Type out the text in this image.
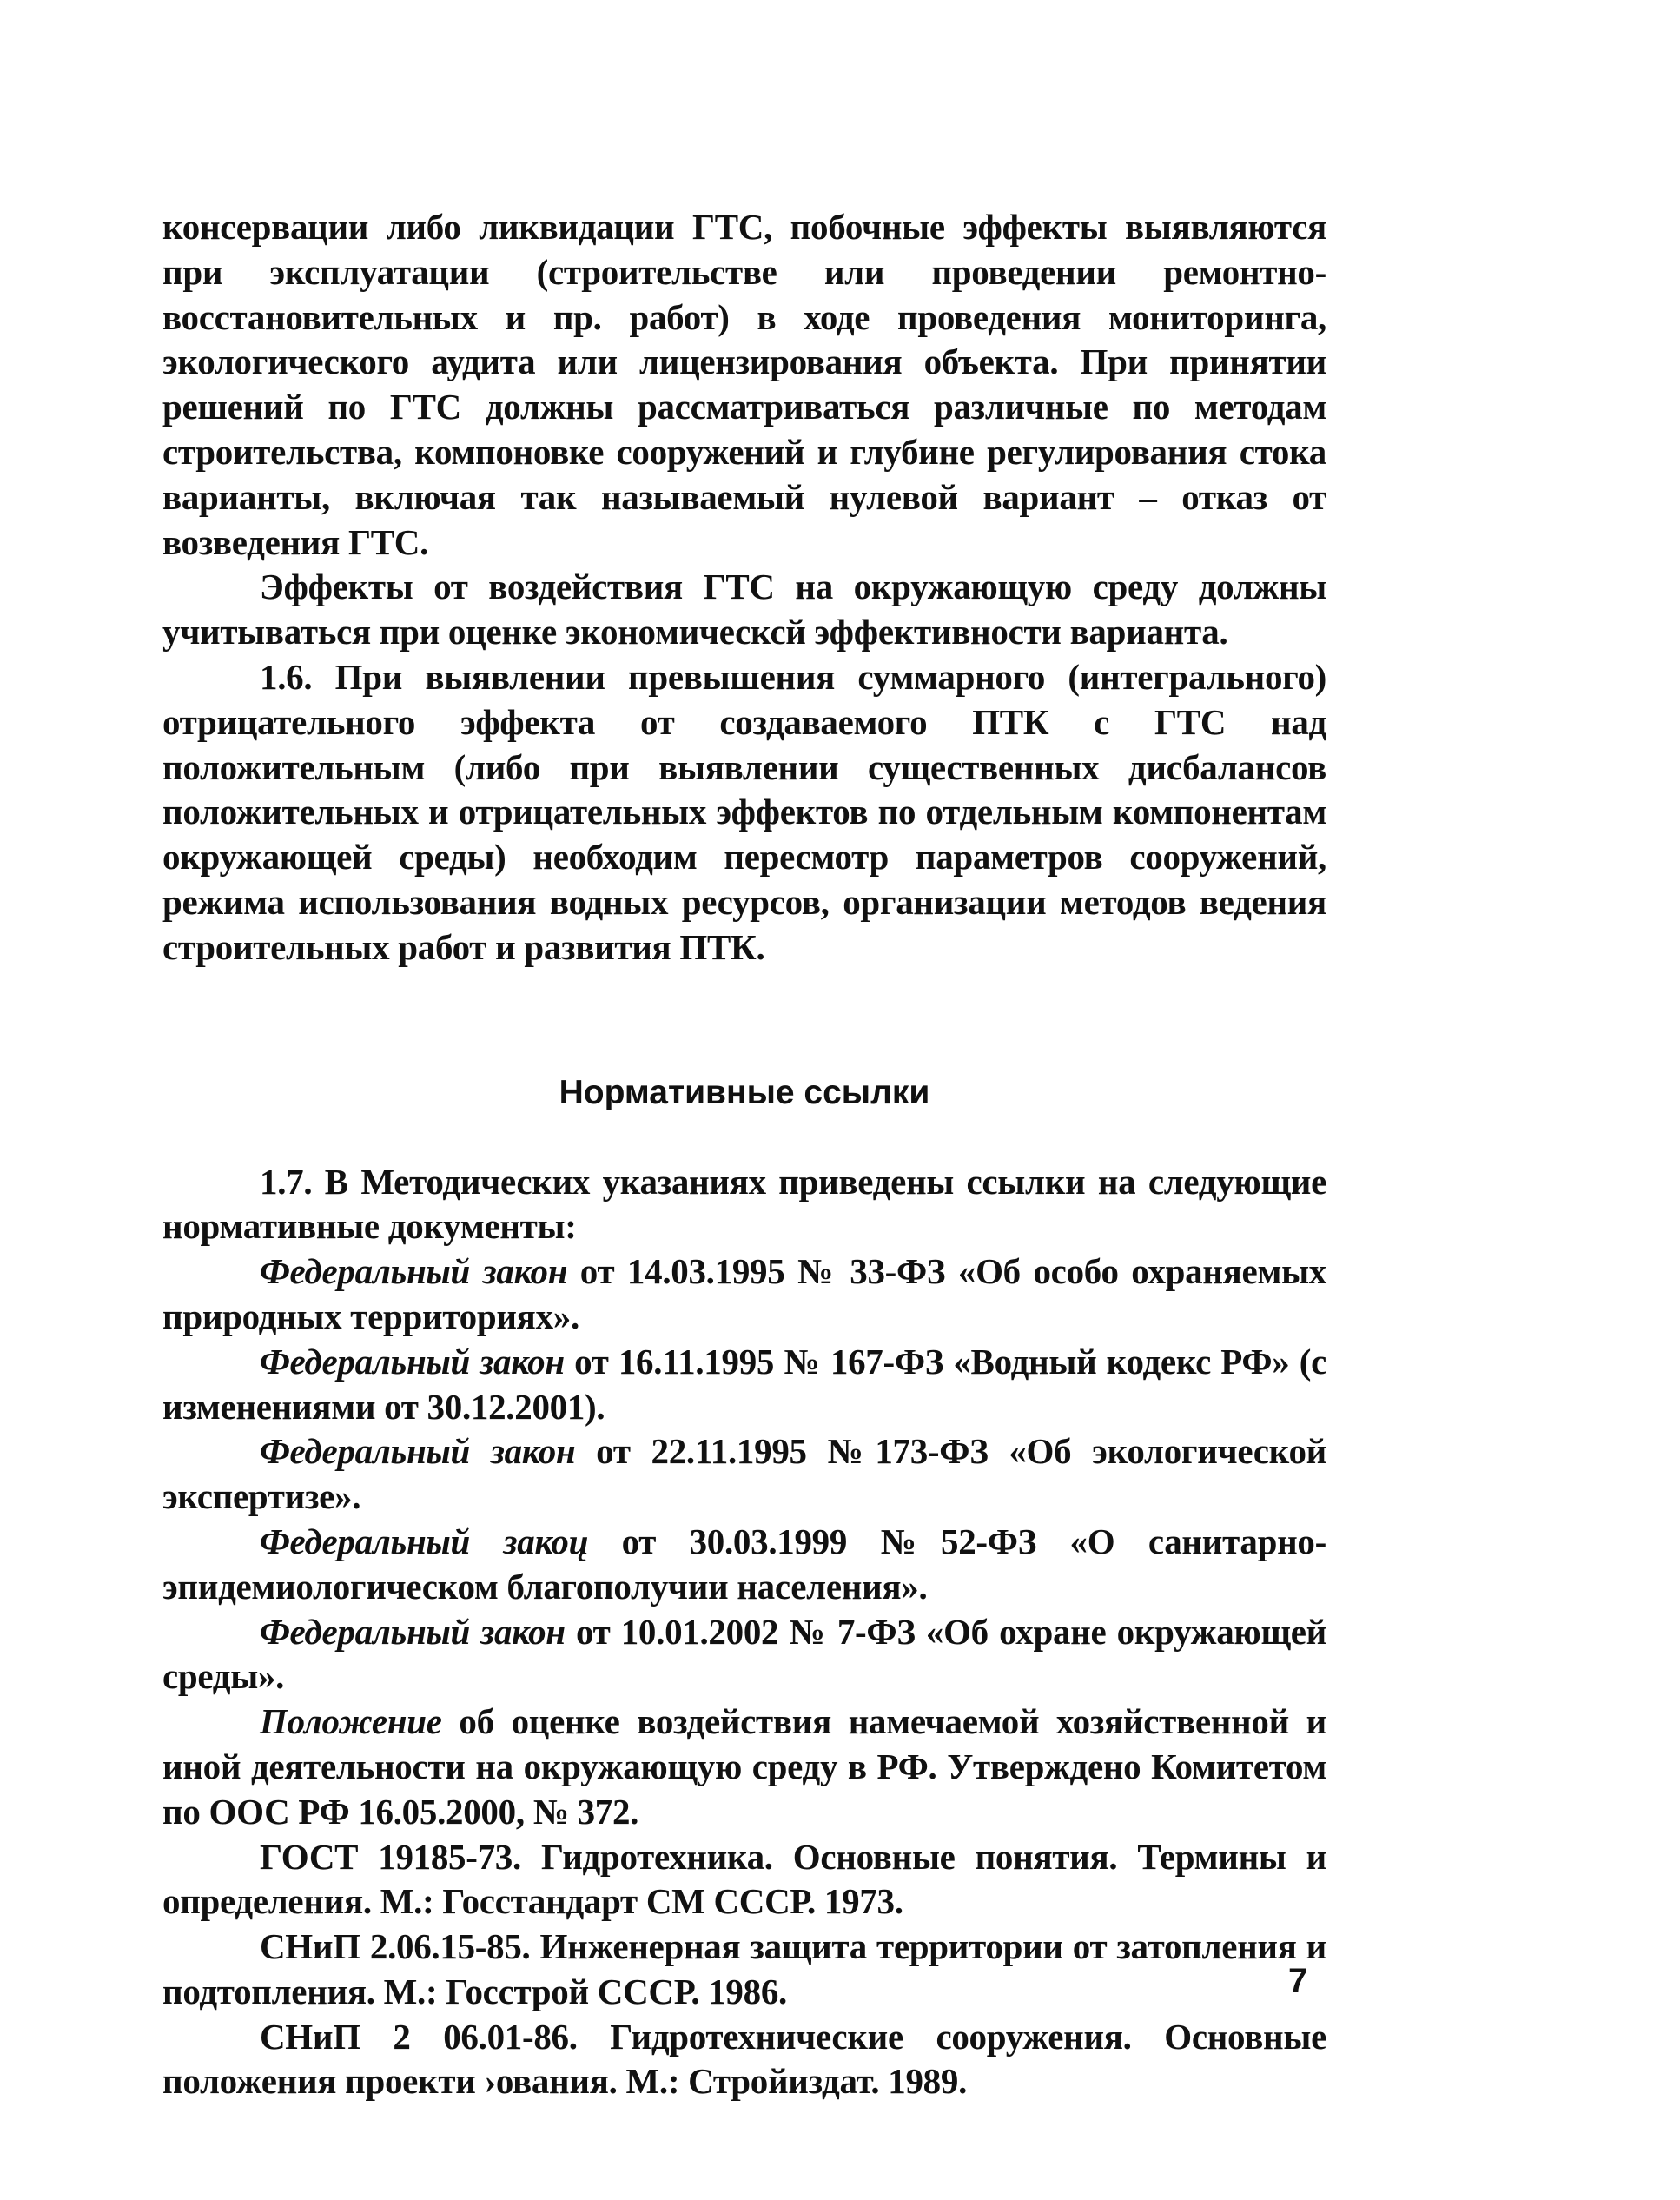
консервации либо ликвидации ГТС, побочные эффекты выявляются при эксплуатации (строительстве или проведении ремонтно-восстановительных и пр. работ) в ходе проведения мониторинга, экологического аудита или лицензирования объекта. При принятии решений по ГТС должны рассматриваться различные по методам строительства, компоновке сооружений и глубине регулирования стока варианты, включая так называемый нулевой вариант – отказ от возведения ГТС.

Эффекты от воздействия ГТС на окружающую среду должны учитываться при оценке экономическсй эффективности варианта.

1.6. При выявлении превышения суммарного (интегрального) отрицательного эффекта от создаваемого ПТК с ГТС над положительным (либо при выявлении существенных дисбалансов положительных и отрицательных эффектов по отдельным компонентам окружающей среды) необходим пересмотр параметров сооружений, режима использования водных ресурсов, организации методов ведения строительных работ и развития ПТК.

Нормативные ссылки

1.7. В Методических указаниях приведены ссылки на следующие нормативные документы:

Федеральный закон от 14.03.1995 № 33-ФЗ «Об особо охраняемых природных территориях».

Федеральный закон от 16.11.1995 № 167-ФЗ «Водный кодекс РФ» (с изменениями от 30.12.2001).

Федеральный закон от 22.11.1995 №173-ФЗ «Об экологической экспертизе».

Федеральный закоų от 30.03.1999 №52-ФЗ «О санитарно-эпидемиологическом благополучии населения».

Федеральный закон от 10.01.2002 № 7-ФЗ «Об охране окружающей среды».

Положение об оценке воздействия намечаемой хозяйственной и иной деятельности на окружающую среду в РФ. Утверждено Комитетом по ООС РФ 16.05.2000, № 372.

ГОСТ 19185-73. Гидротехника. Основные понятия. Термины и определения. М.: Госстандарт СМ СССР. 1973.

СНиП 2.06.15-85. Инженерная защита территории от затопления и подтопления. М.: Госстрой СССР. 1986.

СНиП 2 06.01-86. Гидротехнические сооружения. Основные положения проекти ›ования. М.: Стройиздат. 1989.

7
